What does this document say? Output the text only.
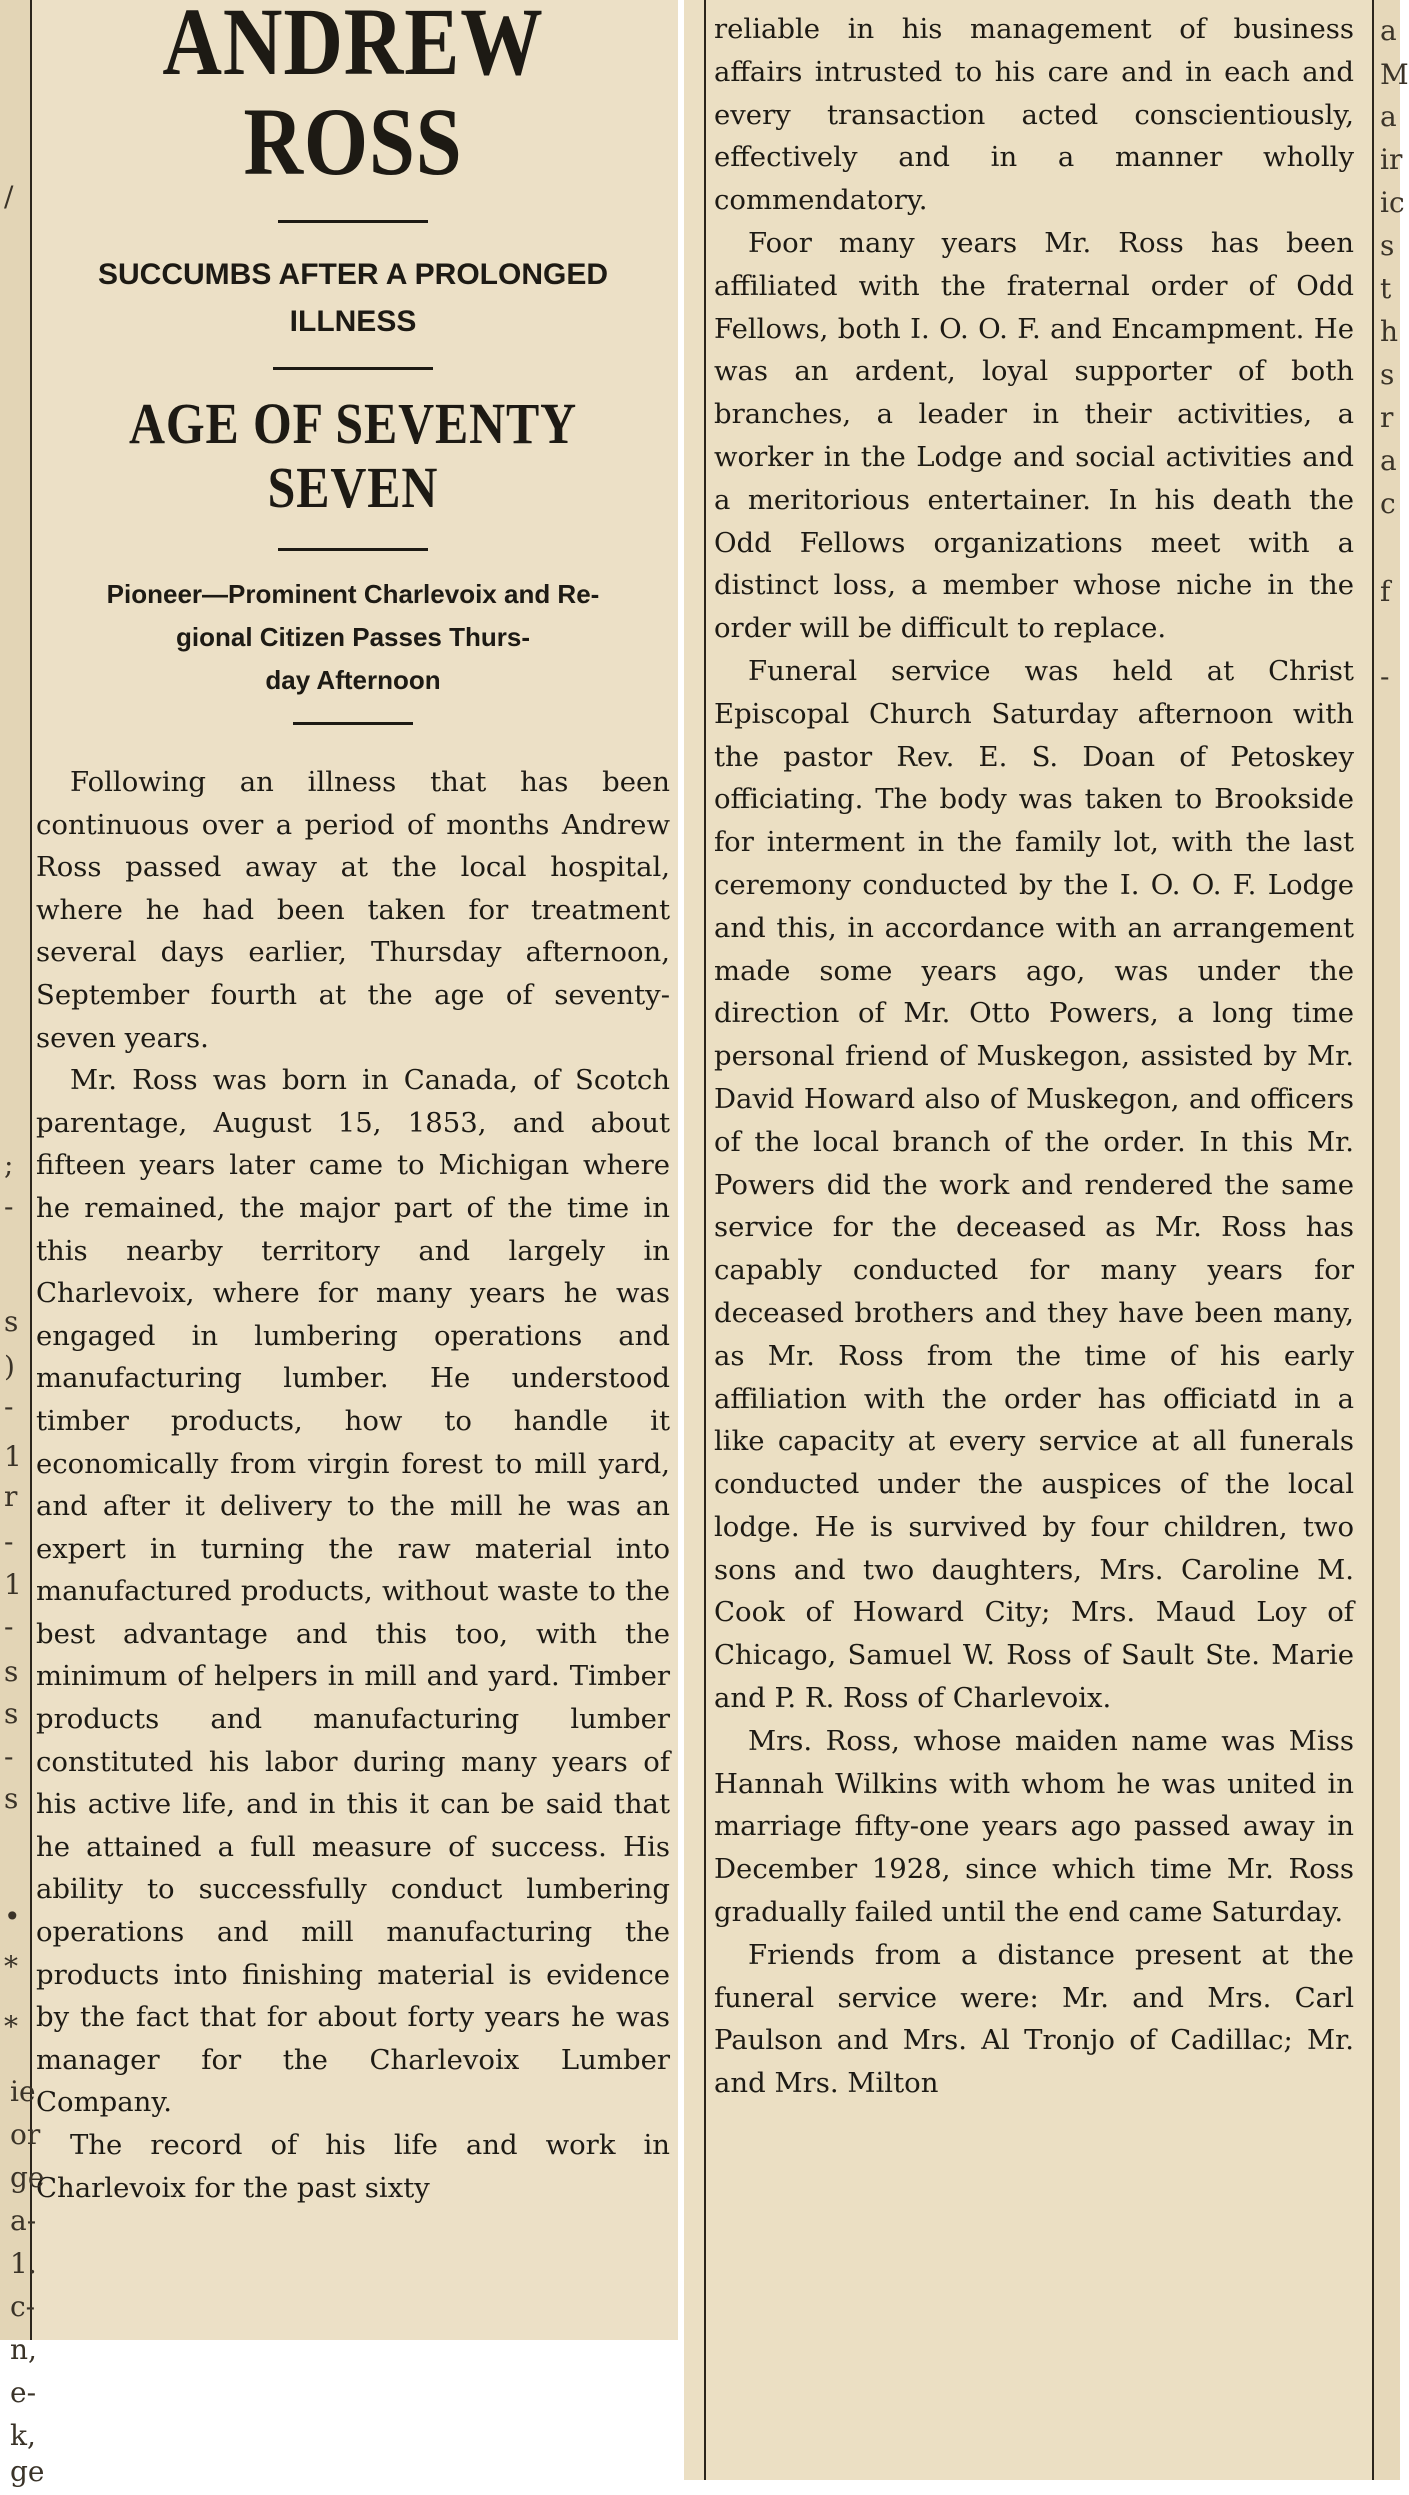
/
;
-
s
)
-
1
r
-
1
-
s
s
-
s
•
*
*
ANDREW ROSS

SUCCUMBS AFTER A PROLONGED

ILLNESS

AGE OF SEVENTY SEVEN

Pioneer—Prominent Charlevoix and Re-

gional Citizen Passes Thurs-

day Afternoon

Following an illness that has been continuous over a period of months Andrew Ross passed away at the local hospital, where he had been taken for treatment several days earlier, Thursday afternoon, September fourth at the age of seventy-seven years.

Mr. Ross was born in Canada, of Scotch parentage, August 15, 1853, and about fifteen years later came to Michigan where he remained, the major part of the time in this nearby territory and largely in Charlevoix, where for many years he was engaged in lumbering operations and manufacturing lumber. He understood timber products, how to handle it economically from virgin forest to mill yard, and after it delivery to the mill he was an expert in turning the raw material into manufactured products, without waste to the best advantage and this too, with the minimum of helpers in mill and yard. Timber products and manufacturing lumber constituted his labor during many years of his active life, and in this it can be said that he attained a full measure of success. His ability to successfully conduct lumbering operations and mill manufacturing the products into finishing material is evidence by the fact that for about forty years he was manager for the Charlevoix Lumber Company.

The record of his life and work in Charlevoix for the past sixty

reliable in his management of business affairs intrusted to his care and in each and every transaction acted conscientiously, effectively and in a manner wholly commendatory.

Foor many years Mr. Ross has been affiliated with the fraternal order of Odd Fellows, both I. O. O. F. and Encampment. He was an ardent, loyal supporter of both branches, a leader in their activities, a worker in the Lodge and social activities and a meritorious entertainer. In his death the Odd Fellows organizations meet with a distinct loss, a member whose niche in the order will be difficult to replace.

Funeral service was held at Christ Episcopal Church Saturday afternoon with the pastor Rev. E. S. Doan of Petoskey officiating. The body was taken to Brookside for interment in the family lot, with the last ceremony conducted by the I. O. O. F. Lodge and this, in accordance with an arrangement made some years ago, was under the direction of Mr. Otto Powers, a long time personal friend of Muskegon, assisted by Mr. David Howard also of Muskegon, and officers of the local branch of the order. In this Mr. Powers did the work and rendered the same service for the deceased as Mr. Ross has capably conducted for many years for deceased brothers and they have been many, as Mr. Ross from the time of his early affiliation with the order has officiatd in a like capacity at every service at all funerals conducted under the auspices of the local lodge. He is survived by four children, two sons and two daughters, Mrs. Caroline M. Cook of Howard City; Mrs. Maud Loy of Chicago, Samuel W. Ross of Sault Ste. Marie and P. R. Ross of Charlevoix.

Mrs. Ross, whose maiden name was Miss Hannah Wilkins with whom he was united in marriage fifty-one years ago passed away in December 1928, since which time Mr. Ross gradually failed until the end came Saturday.

Friends from a distance present at the funeral service were: Mr. and Mrs. Carl Paulson and Mrs. Al Tronjo of Cadillac; Mr. and Mrs. Milton

a
M
a
ir
ic
s
t
h
s
r
a
c
f
-
ie
or
ge
a-
1.
c-
n,
e-
k,
ge
